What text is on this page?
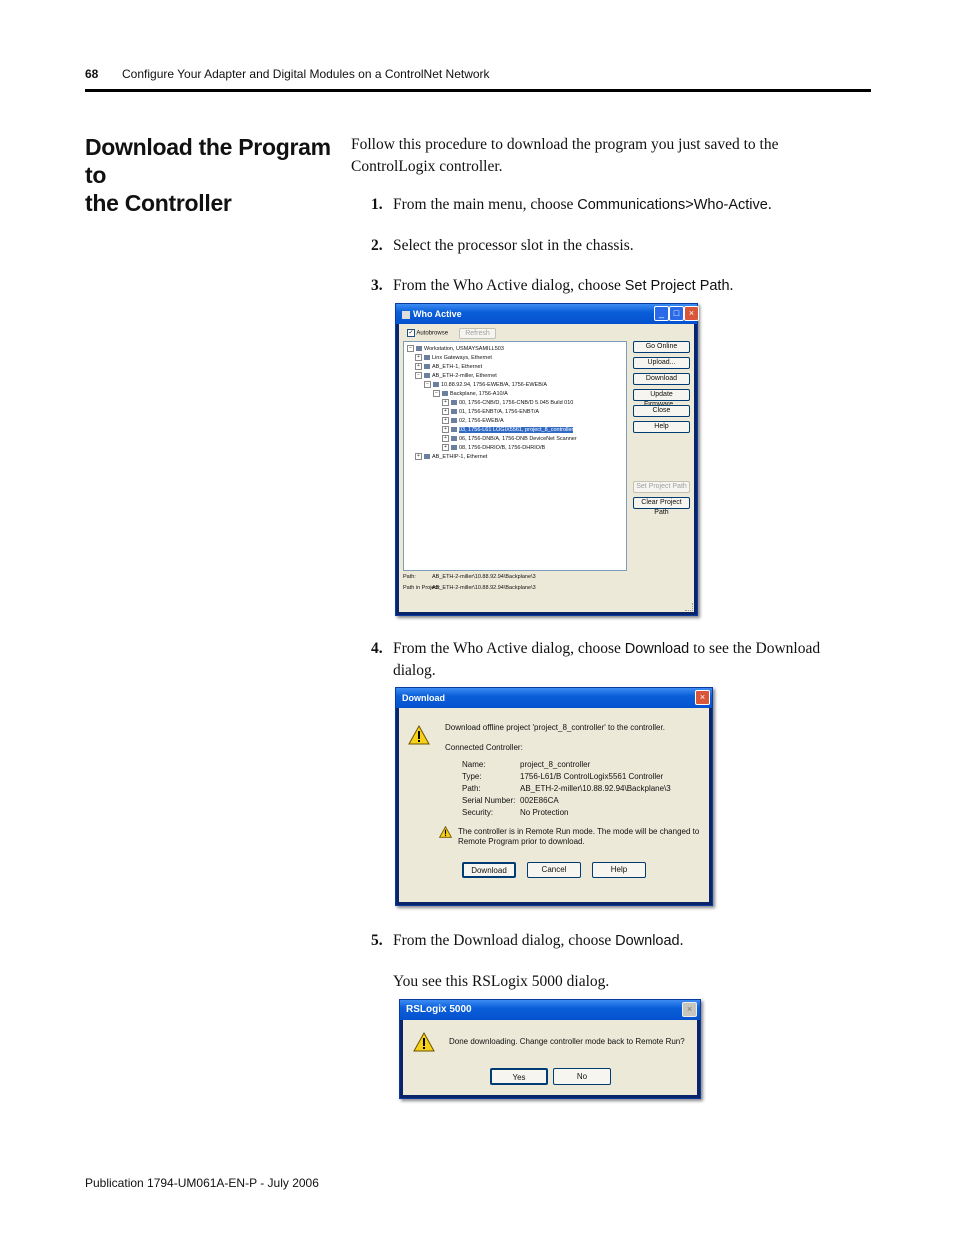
68 Configure Your Adapter and Digital Modules on a ControlNet Network
Download the Program to
the Controller
Follow this procedure to download the program you just saved to the
ControlLogix controller.
1. From the main menu, choose Communications>Who-Active.
2. Select the processor slot in the chassis.
3. From the Who Active dialog, choose Set Project Path.
Who Active	_	□	×
✓ Autobrowse	Refresh
− Workstation, USMAYSAMILL503
+ Linx Gateways, Ethernet
+ AB_ETH-1, Ethernet
− AB_ETH-2-miller, Ethernet
− 10.88.92.94, 1756-EWEB/A, 1756-EWEB/A
− Backplane, 1756-A10/A
+ 00, 1756-CNB/D, 1756-CNB/D 5.045 Build 010
+ 01, 1756-ENBT/A, 1756-ENBT/A
+ 02, 1756-EWEB/A
+ 03, 1756-L61 LOGIX5561, project_8_controller
+ 06, 1756-DNB/A, 1756-DNB DeviceNet Scanner
+ 08, 1756-DHRIO/B, 1756-DHRIO/B
+ AB_ETHIP-1, Ethernet
Go Online
Upload...
Download
Update
Close
Help
Set Project Path
Clear Project Path
Path:	AB_ETH-2-miller\10.88.92.94\Backplane\3
Path in Project:
AB_ETH-2-miller\10.88.92.94\Backplane\3
4. From the Who Active dialog, choose Download to see the Download
dialog.
Download	×
Download offline project 'project_8_controller' to the controller.
Connected Controller:
Name:	project_8_controller
Type:	1756-L61/B ControlLogix5561 Controller
Path:	AB_ETH-2-miller\10.88.92.94\Backplane\3
Serial Number: 002E86CA
Security:	No Protection
The controller is in Remote Run mode. The mode will be changed to
Remote Program prior to download.
Download	Cancel	Help
5. From the Download dialog, choose Download.
You see this RSLogix 5000 dialog.
RSLogix 5000	×
Done downloading. Change controller mode back to Remote Run?
Yes	No
Publication 1794-UM061A-EN-P - July 2006
